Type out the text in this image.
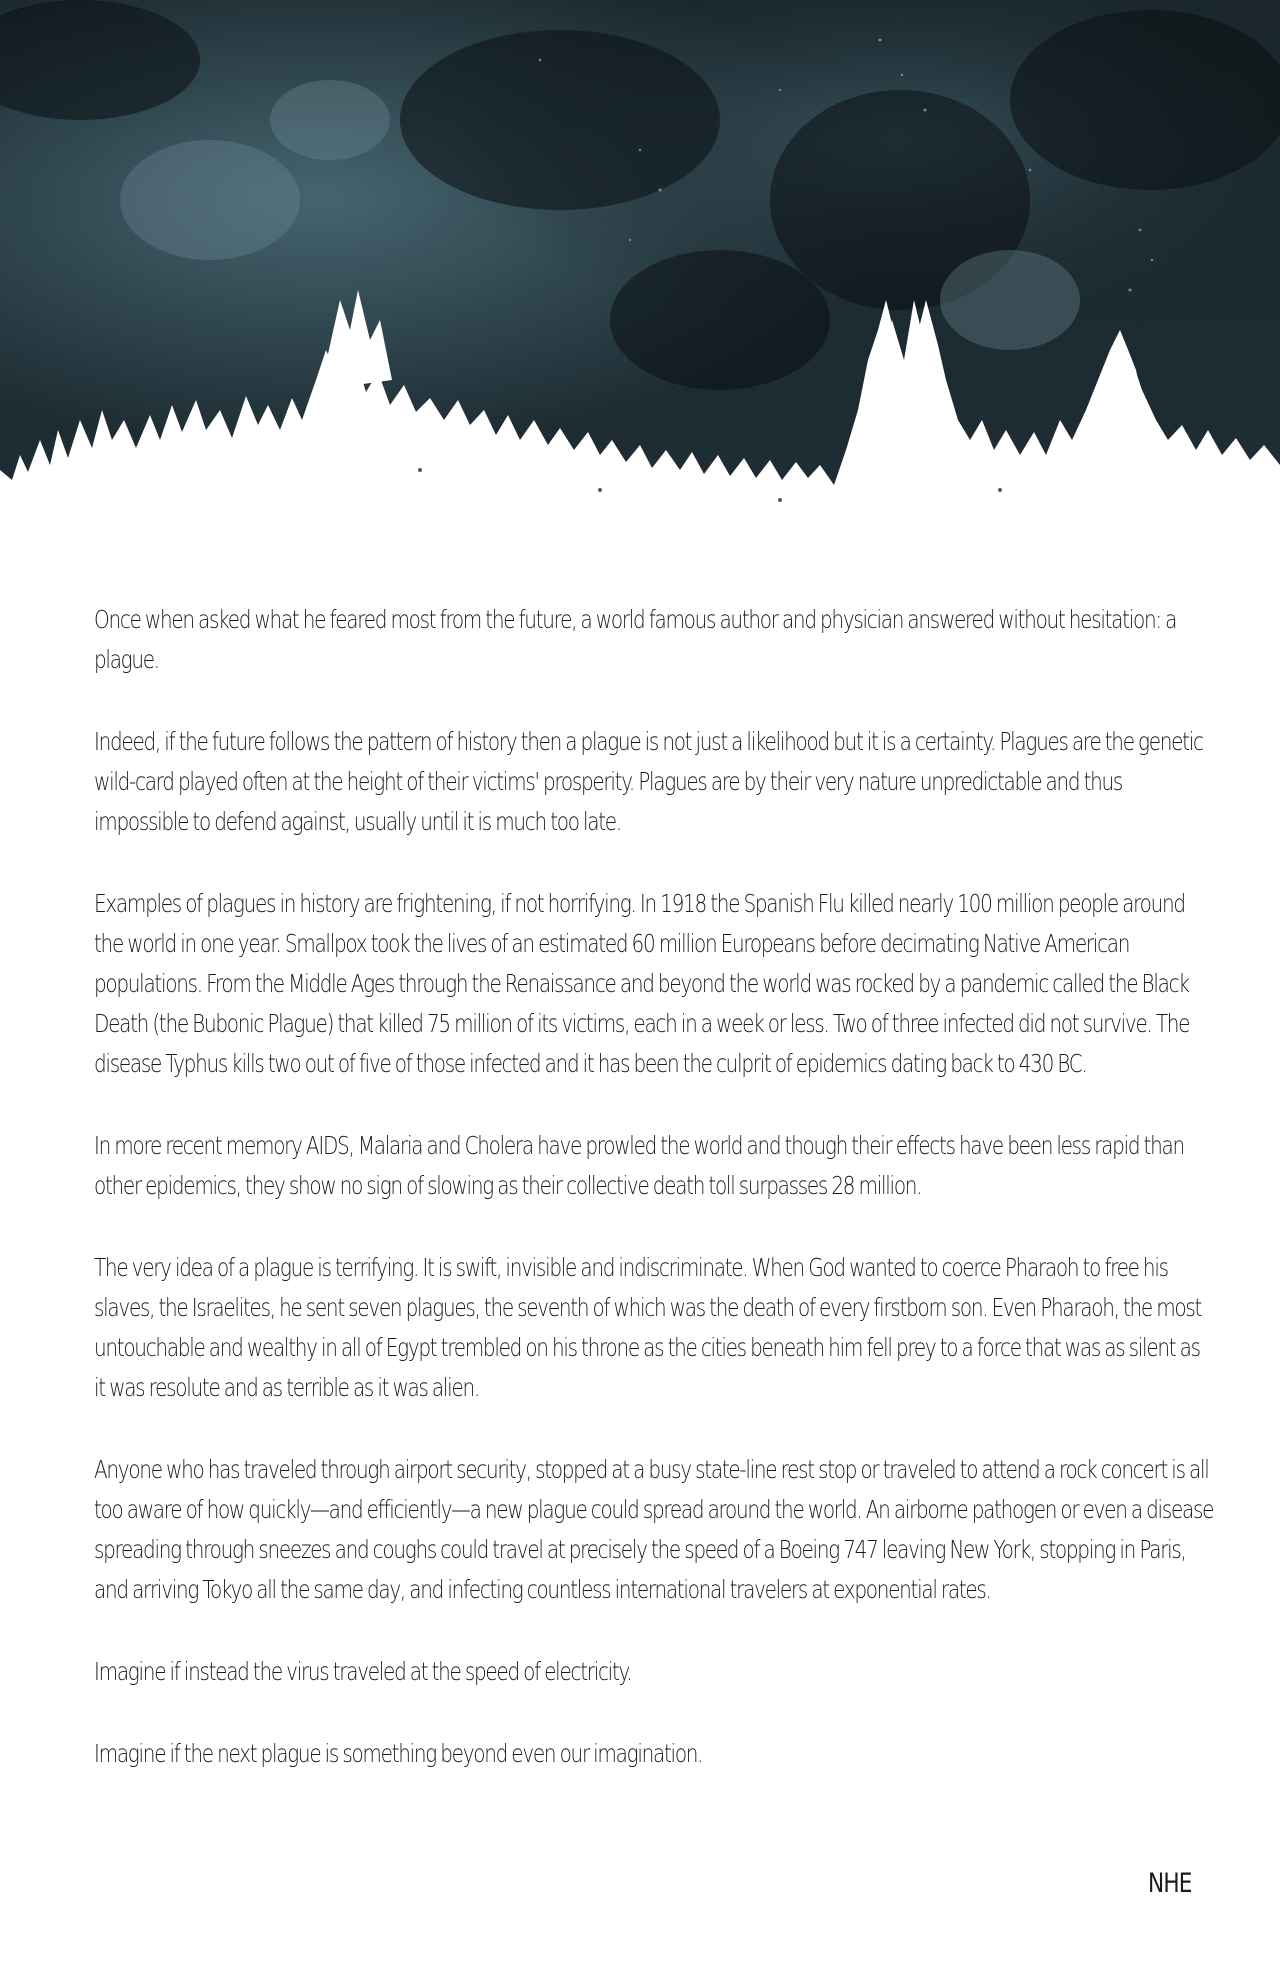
Once when asked what he feared most from the future, a world famous author and physician answered without hesitation: a plague.

Indeed, if the future follows the pattern of history then a plague is not just a likelihood but it is a certainty. Plagues are the genetic wild-card played often at the height of their victims' prosperity. Plagues are by their very nature unpredictable and thus impossible to defend against, usually until it is much too late.

Examples of plagues in history are frightening, if not horrifying. In 1918 the Spanish Flu killed nearly 100 million people around the world in one year. Smallpox took the lives of an estimated 60 million Europeans before decimating Native American populations. From the Middle Ages through the Renaissance and beyond the world was rocked by a pandemic called the Black Death (the Bubonic Plague) that killed 75 million of its victims, each in a week or less. Two of three infected did not survive. The disease Typhus kills two out of five of those infected and it has been the culprit of epidemics dating back to 430 BC.

In more recent memory AIDS, Malaria and Cholera have prowled the world and though their effects have been less rapid than other epidemics, they show no sign of slowing as their collective death toll surpasses 28 million.

The very idea of a plague is terrifying. It is swift, invisible and indiscriminate. When God wanted to coerce Pharaoh to free his slaves, the Israelites, he sent seven plagues, the seventh of which was the death of every firstborn son. Even Pharaoh, the most untouchable and wealthy in all of Egypt trembled on his throne as the cities beneath him fell prey to a force that was as silent as it was resolute and as terrible as it was alien.

Anyone who has traveled through airport security, stopped at a busy state-line rest stop or traveled to attend a rock concert is all too aware of how quickly—and efficiently—a new plague could spread around the world. An airborne pathogen or even a disease spreading through sneezes and coughs could travel at precisely the speed of a Boeing 747 leaving New York, stopping in Paris, and arriving Tokyo all the same day, and infecting countless international travelers at exponential rates.

Imagine if instead the virus traveled at the speed of electricity.

Imagine if the next plague is something beyond even our imagination.

NHE
